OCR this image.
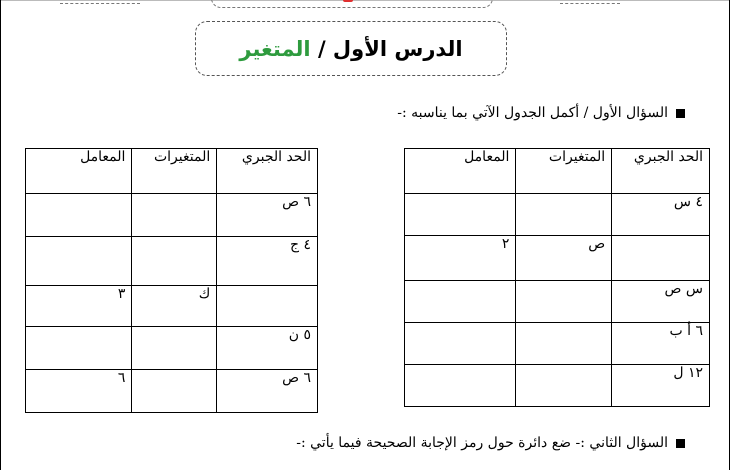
الدرس الأول /

المتغير
السؤال الأول / أكمل الجدول الآتي بما يناسبه :-
الحد الجبري	المتغيرات	المعامل
٤ س		
	ص	٢
س ص		
٦ أ ب		
١٢ ل		
الحد الجبري	المتغيرات	المعامل
٦ ص		
٤ ج		
	ك	٣
٥ ن		
٦ ص		٦
السؤال الثاني :- ضع دائرة حول رمز الإجابة الصحيحة فيما يأتي :-
